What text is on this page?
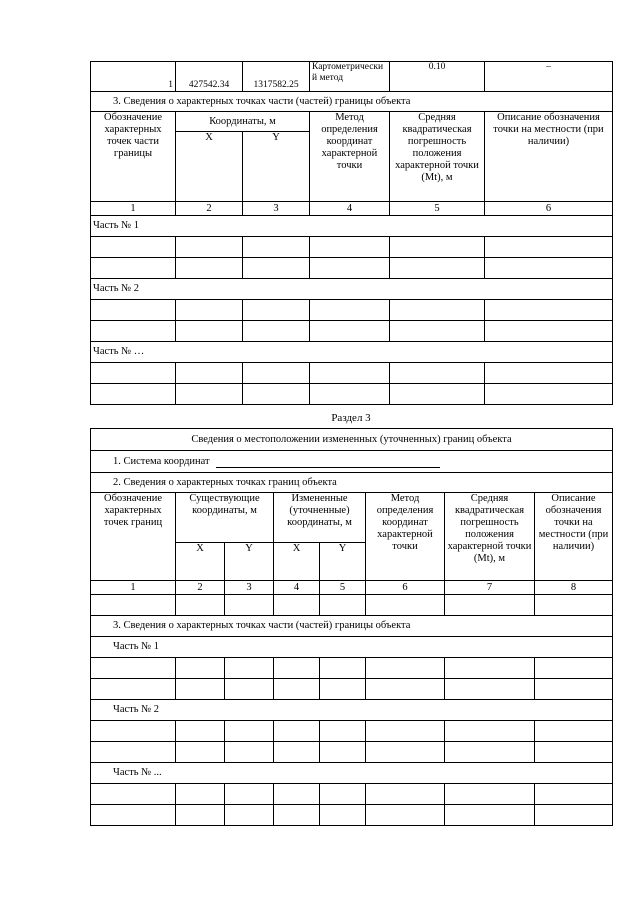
1	427542.34	1317582.25	Картометрический метод	0.10	–
3. Сведения о характерных точках части (частей) границы объекта					
Обозначение характерных точек части границы	Координаты, м		Метод определения координат характерной точки	Средняя квадратическая погрешность положения характерной точки (Mt), м	Описание обозначения точки на местности (при наличии)
	X	Y			
1	2	3	4	5	6
Часть № 1					

Часть № 2					

Часть № …					

Раздел 3
Сведения о местоположении измененных (уточненных) границ объекта							
1. Система координат							
2. Сведения о характерных точках границ объекта							
Обозначение характерных точек границ	Существующие координаты, м		Измененные (уточненные) координаты, м		Метод определения координат характерной точки	Средняя квадратическая погрешность положения характерной точки (Mt), м	Описание обозначения точки на местности (при наличии)
	X	Y	X	Y			
1	2	3	4	5	6	7	8

3. Сведения о характерных точках части (частей) границы объекта							
Часть № 1							

Часть № 2							

Часть № ...							
